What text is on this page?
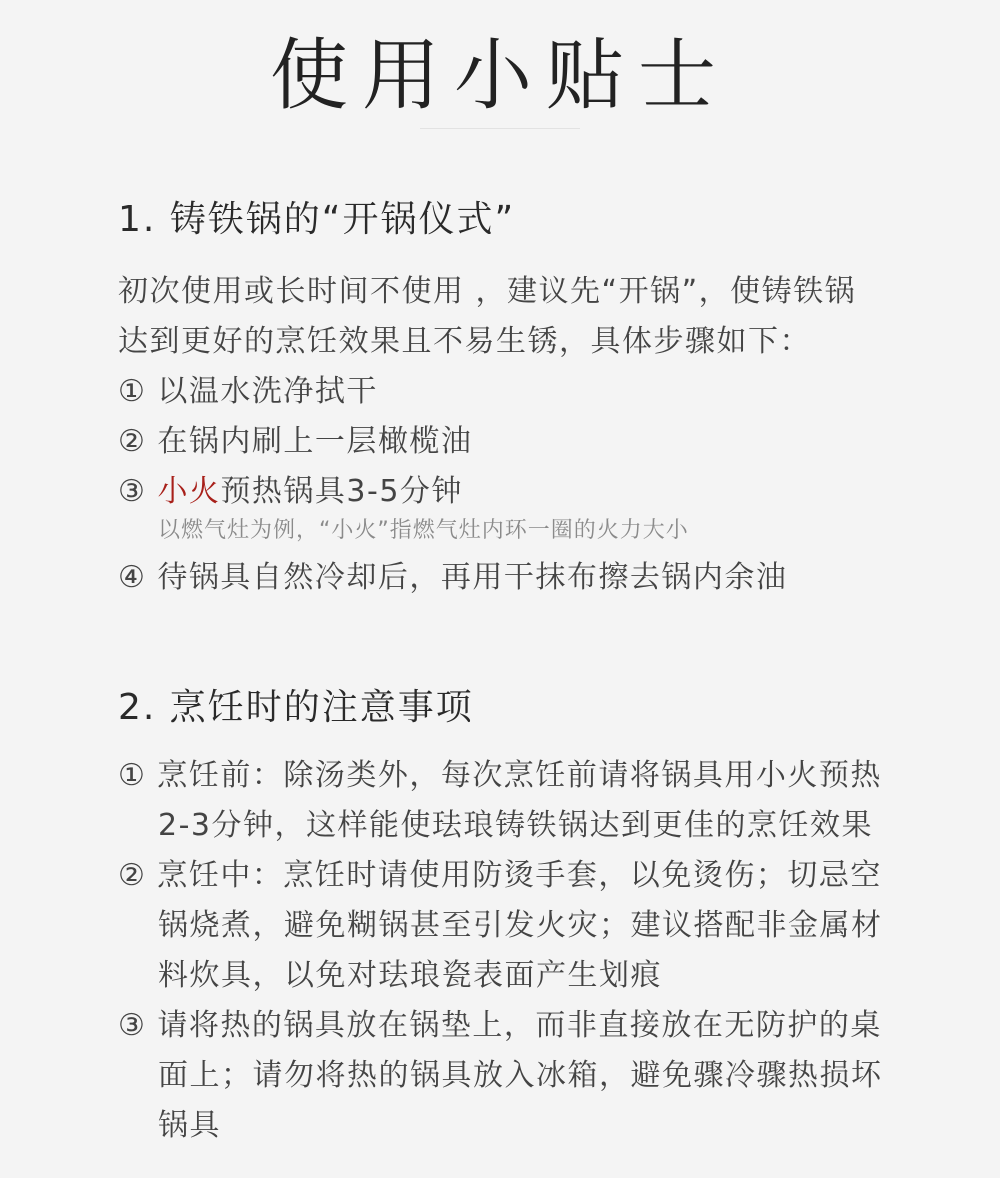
使用小贴士
1. 铸铁锅的“开锅仪式”
初次使用或长时间不使用 ，建议先“开锅”，使铸铁锅
达到更好的烹饪效果且不易生锈，具体步骤如下：
① 以温水洗净拭干
② 在锅内刷上一层橄榄油
③ 小火预热锅具3-5分钟
以燃气灶为例，“小火”指燃气灶内环一圈的火力大小
④ 待锅具自然冷却后，再用干抹布擦去锅内余油
2. 烹饪时的注意事项
① 烹饪前：除汤类外，每次烹饪前请将锅具用小火预热
2-3分钟，这样能使珐琅铸铁锅达到更佳的烹饪效果
② 烹饪中：烹饪时请使用防烫手套，以免烫伤；切忌空
锅烧煮，避免糊锅甚至引发火灾；建议搭配非金属材
料炊具，以免对珐琅瓷表面产生划痕
③ 请将热的锅具放在锅垫上，而非直接放在无防护的桌
面上；请勿将热的锅具放入冰箱，避免骤冷骤热损坏
锅具
